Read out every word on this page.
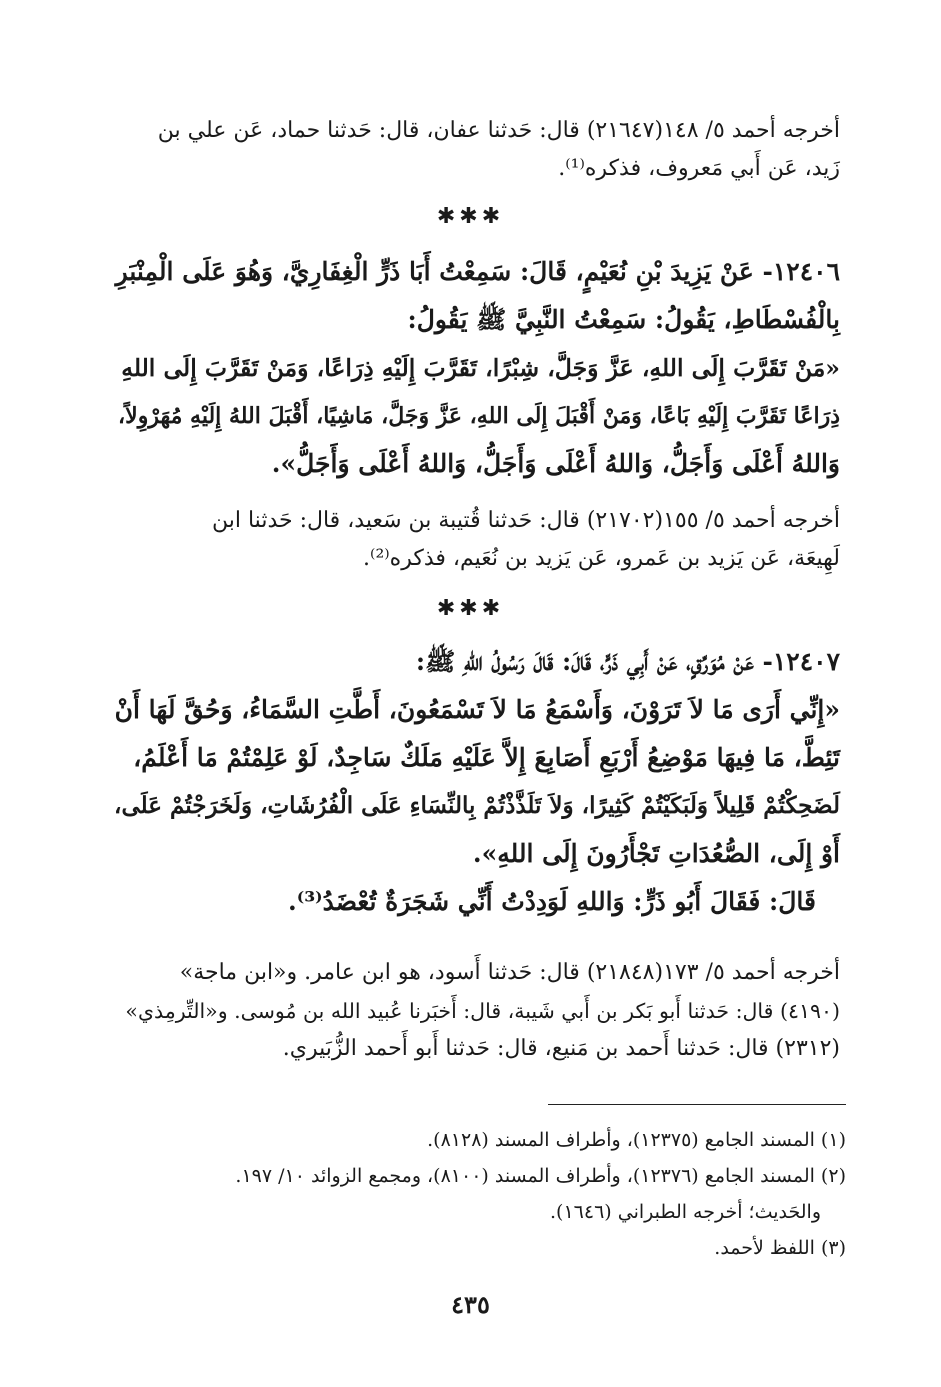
أخرجه أحمد ٥/ ١٤٨(٢١٦٤٧) قال: حَدثنا عفان، قال: حَدثنا حماد، عَن علي بن
زَيد، عَن أَبي مَعروف، فذكره⁽¹⁾.
✱✱✱
١٢٤٠٦- عَنْ يَزِيدَ بْنِ نُعَيْمٍ، قَالَ: سَمِعْتُ أَبَا ذَرٍّ الْغِفَارِيَّ، وَهُوَ عَلَى الْمِنْبَرِ
بِالْفُسْطَاطِ، يَقُولُ: سَمِعْتُ النَّبِيَّ ﷺ يَقُولُ:
«مَنْ تَقَرَّبَ إِلَى اللهِ، عَزَّ وَجَلَّ، شِبْرًا، تَقَرَّبَ إِلَيْهِ ذِرَاعًا، وَمَنْ تَقَرَّبَ إِلَى اللهِ
ذِرَاعًا تَقَرَّبَ إِلَيْهِ بَاعًا، وَمَنْ أَقْبَلَ إِلَى اللهِ، عَزَّ وَجَلَّ، مَاشِيًا، أَقْبَلَ اللهُ إِلَيْهِ مُهَرْوِلاً،
وَاللهُ أَعْلَى وَأَجَلُّ، وَاللهُ أَعْلَى وَأَجَلُّ، وَاللهُ أَعْلَى وَأَجَلُّ».
أخرجه أحمد ٥/ ١٥٥(٢١٧٠٢) قال: حَدثنا قُتيبة بن سَعيد، قال: حَدثنا ابن
لَهِيعَة، عَن يَزيد بن عَمرو، عَن يَزيد بن نُعَيم، فذكره⁽²⁾.
✱✱✱
١٢٤٠٧- عَنْ مُوَرِّقٍ، عَنْ أَبِي ذَرٍّ، قَالَ: قَالَ رَسُولُ اللهِ ﷺ:
«إِنِّي أَرَى مَا لاَ تَرَوْنَ، وَأَسْمَعُ مَا لاَ تَسْمَعُونَ، أَطَّتِ السَّمَاءُ، وَحُقَّ لَهَا أَنْ
تَئِطَّ، مَا فِيهَا مَوْضِعُ أَرْبَعِ أَصَابِعَ إِلاَّ عَلَيْهِ مَلَكٌ سَاجِدٌ، لَوْ عَلِمْتُمْ مَا أَعْلَمُ،
لَضَحِكْتُمْ قَلِيلاً وَلَبَكَيْتُمْ كَثِيرًا، وَلاَ تَلَذَّذْتُمْ بِالنِّسَاءِ عَلَى الْفُرُشَاتِ، وَلَخَرَجْتُمْ عَلَى،
أَوْ إِلَى، الصُّعُدَاتِ تَجْأَرُونَ إِلَى اللهِ».
قَالَ: فَقَالَ أَبُو ذَرٍّ: وَاللهِ لَوَدِدْتُ أَنِّي شَجَرَةٌ تُعْضَدُ⁽³⁾.
أخرجه أحمد ٥/ ١٧٣(٢١٨٤٨) قال: حَدثنا أَسود، هو ابن عامر. و«ابن ماجة»
(٤١٩٠) قال: حَدثنا أَبو بَكر بن أَبي شَيبة، قال: أَخبَرنا عُبيد الله بن مُوسى. و«التِّرمِذي»
(٢٣١٢) قال: حَدثنا أَحمد بن مَنيع، قال: حَدثنا أَبو أَحمد الزُّبَيري.
(١) المسند الجامع (١٢٣٧٥)، وأطراف المسند (٨١٢٨).
(٢) المسند الجامع (١٢٣٧٦)، وأطراف المسند (٨١٠٠)، ومجمع الزوائد ١٠/ ١٩٧.
والحَديث؛ أخرجه الطبراني (١٦٤٦).
(٣) اللفظ لأحمد.
٤٣٥
